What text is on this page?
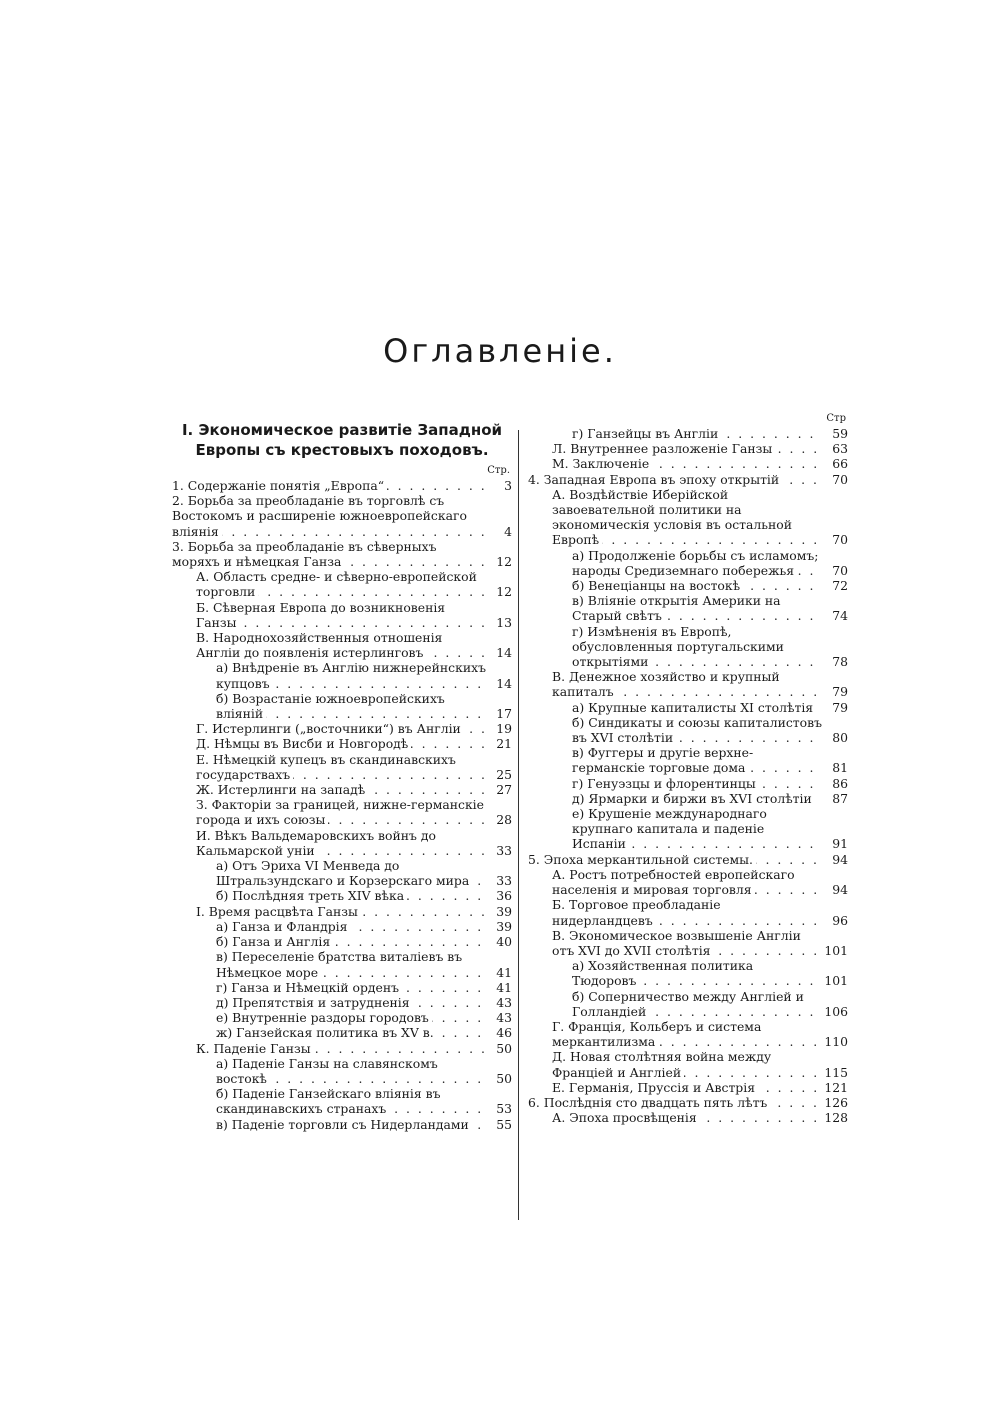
Оглавленіе.
I. Экономическое развитіе Западной Европы съ крестовыхъ походовъ.
Стр.
1. Содержаніе понятія „Европа“ . . .	3
2. Борьба за преобладаніе въ торговлѣ съ Востокомъ и расширеніе южноевропейскаго вліянія . . .	4
3. Борьба за преобладаніе въ сѣверныхъ моряхъ и нѣмецкая Ганза . . .	12
А. Область средне- и сѣверно-европейской торговли . . .	12
Б. Сѣверная Европа до возникновенія Ганзы . . .	13
В. Народнохозяйственныя отношенія Англіи до появленія истерлинговъ . . .	14
а) Внѣдреніе въ Англію нижнерейнскихъ купцовъ . . .	14
б) Возрастаніе южноевропейскихъ вліяній . . .	17
Г. Истерлинги („восточники“) въ Англіи . . .	19
Д. Нѣмцы въ Висби и Новгородѣ . . .	21
Е. Нѣмецкій купецъ въ скандинавскихъ государствахъ . . .	25
Ж. Истерлинги на западѣ . . .	27
З. Факторіи за границей, нижне-германскіе города и ихъ союзы . . .	28
И. Вѣкъ Вальдемаровскихъ войнъ до Кальмарской уніи . . .	33
а) Отъ Эриха VI Менведа до Штральзундскаго и Корзерскаго мира . . .	33
б) Послѣдняя треть XIV вѣка . . .	36
І. Время расцвѣта Ганзы . . .	39
а) Ганза и Фландрія . . .	39
б) Ганза и Англія . . .	40
в) Переселеніе братства виталіевъ въ Нѣмецкое море . . .	41
г) Ганза и Нѣмецкій орденъ . . .	41
д) Препятствія и затрудненія . . .	43
е) Внутренніе раздоры городовъ . . .	43
ж) Ганзейская политика въ XV в. . . .	46
К. Паденіе Ганзы . . .	50
а) Паденіе Ганзы на славянскомъ востокѣ . . .	50
б) Паденіе Ганзейскаго вліянія въ скандинавскихъ странахъ . . .	53
в) Паденіе торговли съ Нидерландами . . .	55
Стр
г) Ганзейцы въ Англіи . . .	59
Л. Внутреннее разложеніе Ганзы . . .	63
М. Заключеніе . . .	66
4. Западная Европа въ эпоху открытій . . .	70
А. Воздѣйствіе Иберійской завоевательной политики на экономическія условія въ остальной Европѣ . . .	70
а) Продолженіе борьбы съ исламомъ; народы Средиземнаго побережья . . .	70
б) Венеціанцы на востокѣ . . .	72
в) Вліяніе открытія Америки на Старый свѣтъ . . .	74
г) Измѣненія въ Европѣ, обусловленныя португальскими открытіями . . .	78
В. Денежное хозяйство и крупный капиталъ . . .	79
а) Крупные капиталисты XI столѣтія . . .	79
б) Синдикаты и союзы капиталистовъ въ XVI столѣтіи . . .	80
в) Фуггеры и другіе верхне-германскіе торговые дома . . .	81
г) Генуэзцы и флорентинцы . . .	86
д) Ярмарки и биржи въ XVI столѣтіи . . .	87
е) Крушеніе международнаго крупнаго капитала и паденіе Испаніи . . .	91
5. Эпоха меркантильной системы. . . .	94
А. Ростъ потребностей европейскаго населенія и мировая торговля . . .	94
Б. Торговое преобладаніе нидерландцевъ . . .	96
В. Экономическое возвышеніе Англіи отъ XVI до XVII столѣтія . . .	101
а) Хозяйственная политика Тюдоровъ . . .	101
б) Соперничество между Англіей и Голландіей . . .	106
Г. Франція, Кольберъ и система меркантилизма . . .	110
Д. Новая столѣтняя война между Франціей и Англіей . . .	115
Е. Германія, Пруссія и Австрія . . .	121
6. Послѣднія сто двадцать пять лѣтъ . . .	126
А. Эпоха просвѣщенія . . .	128
